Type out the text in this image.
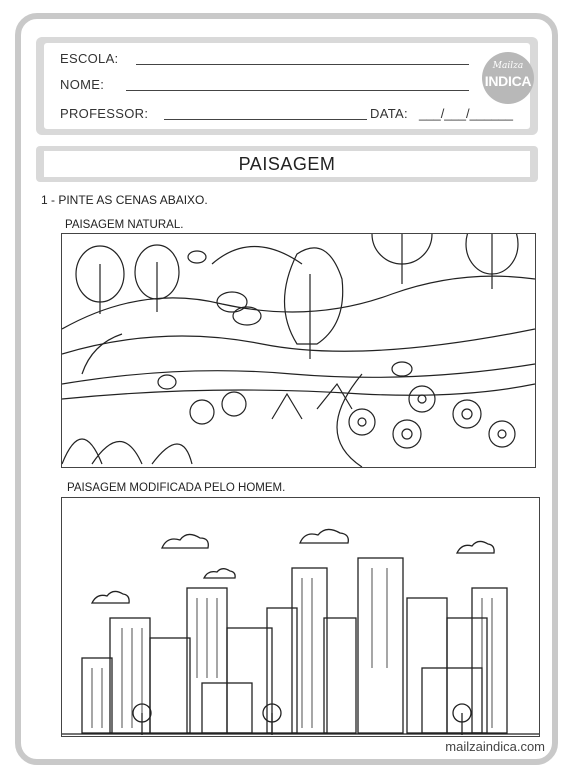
ESCOLA:
NOME:
PROFESSOR:	DATA: ___/___/______
Mailza
INDICA
PAISAGEM
1 - PINTE AS CENAS ABAIXO.
PAISAGEM NATURAL.
PAISAGEM MODIFICADA PELO HOMEM.
mailzaindica.com
